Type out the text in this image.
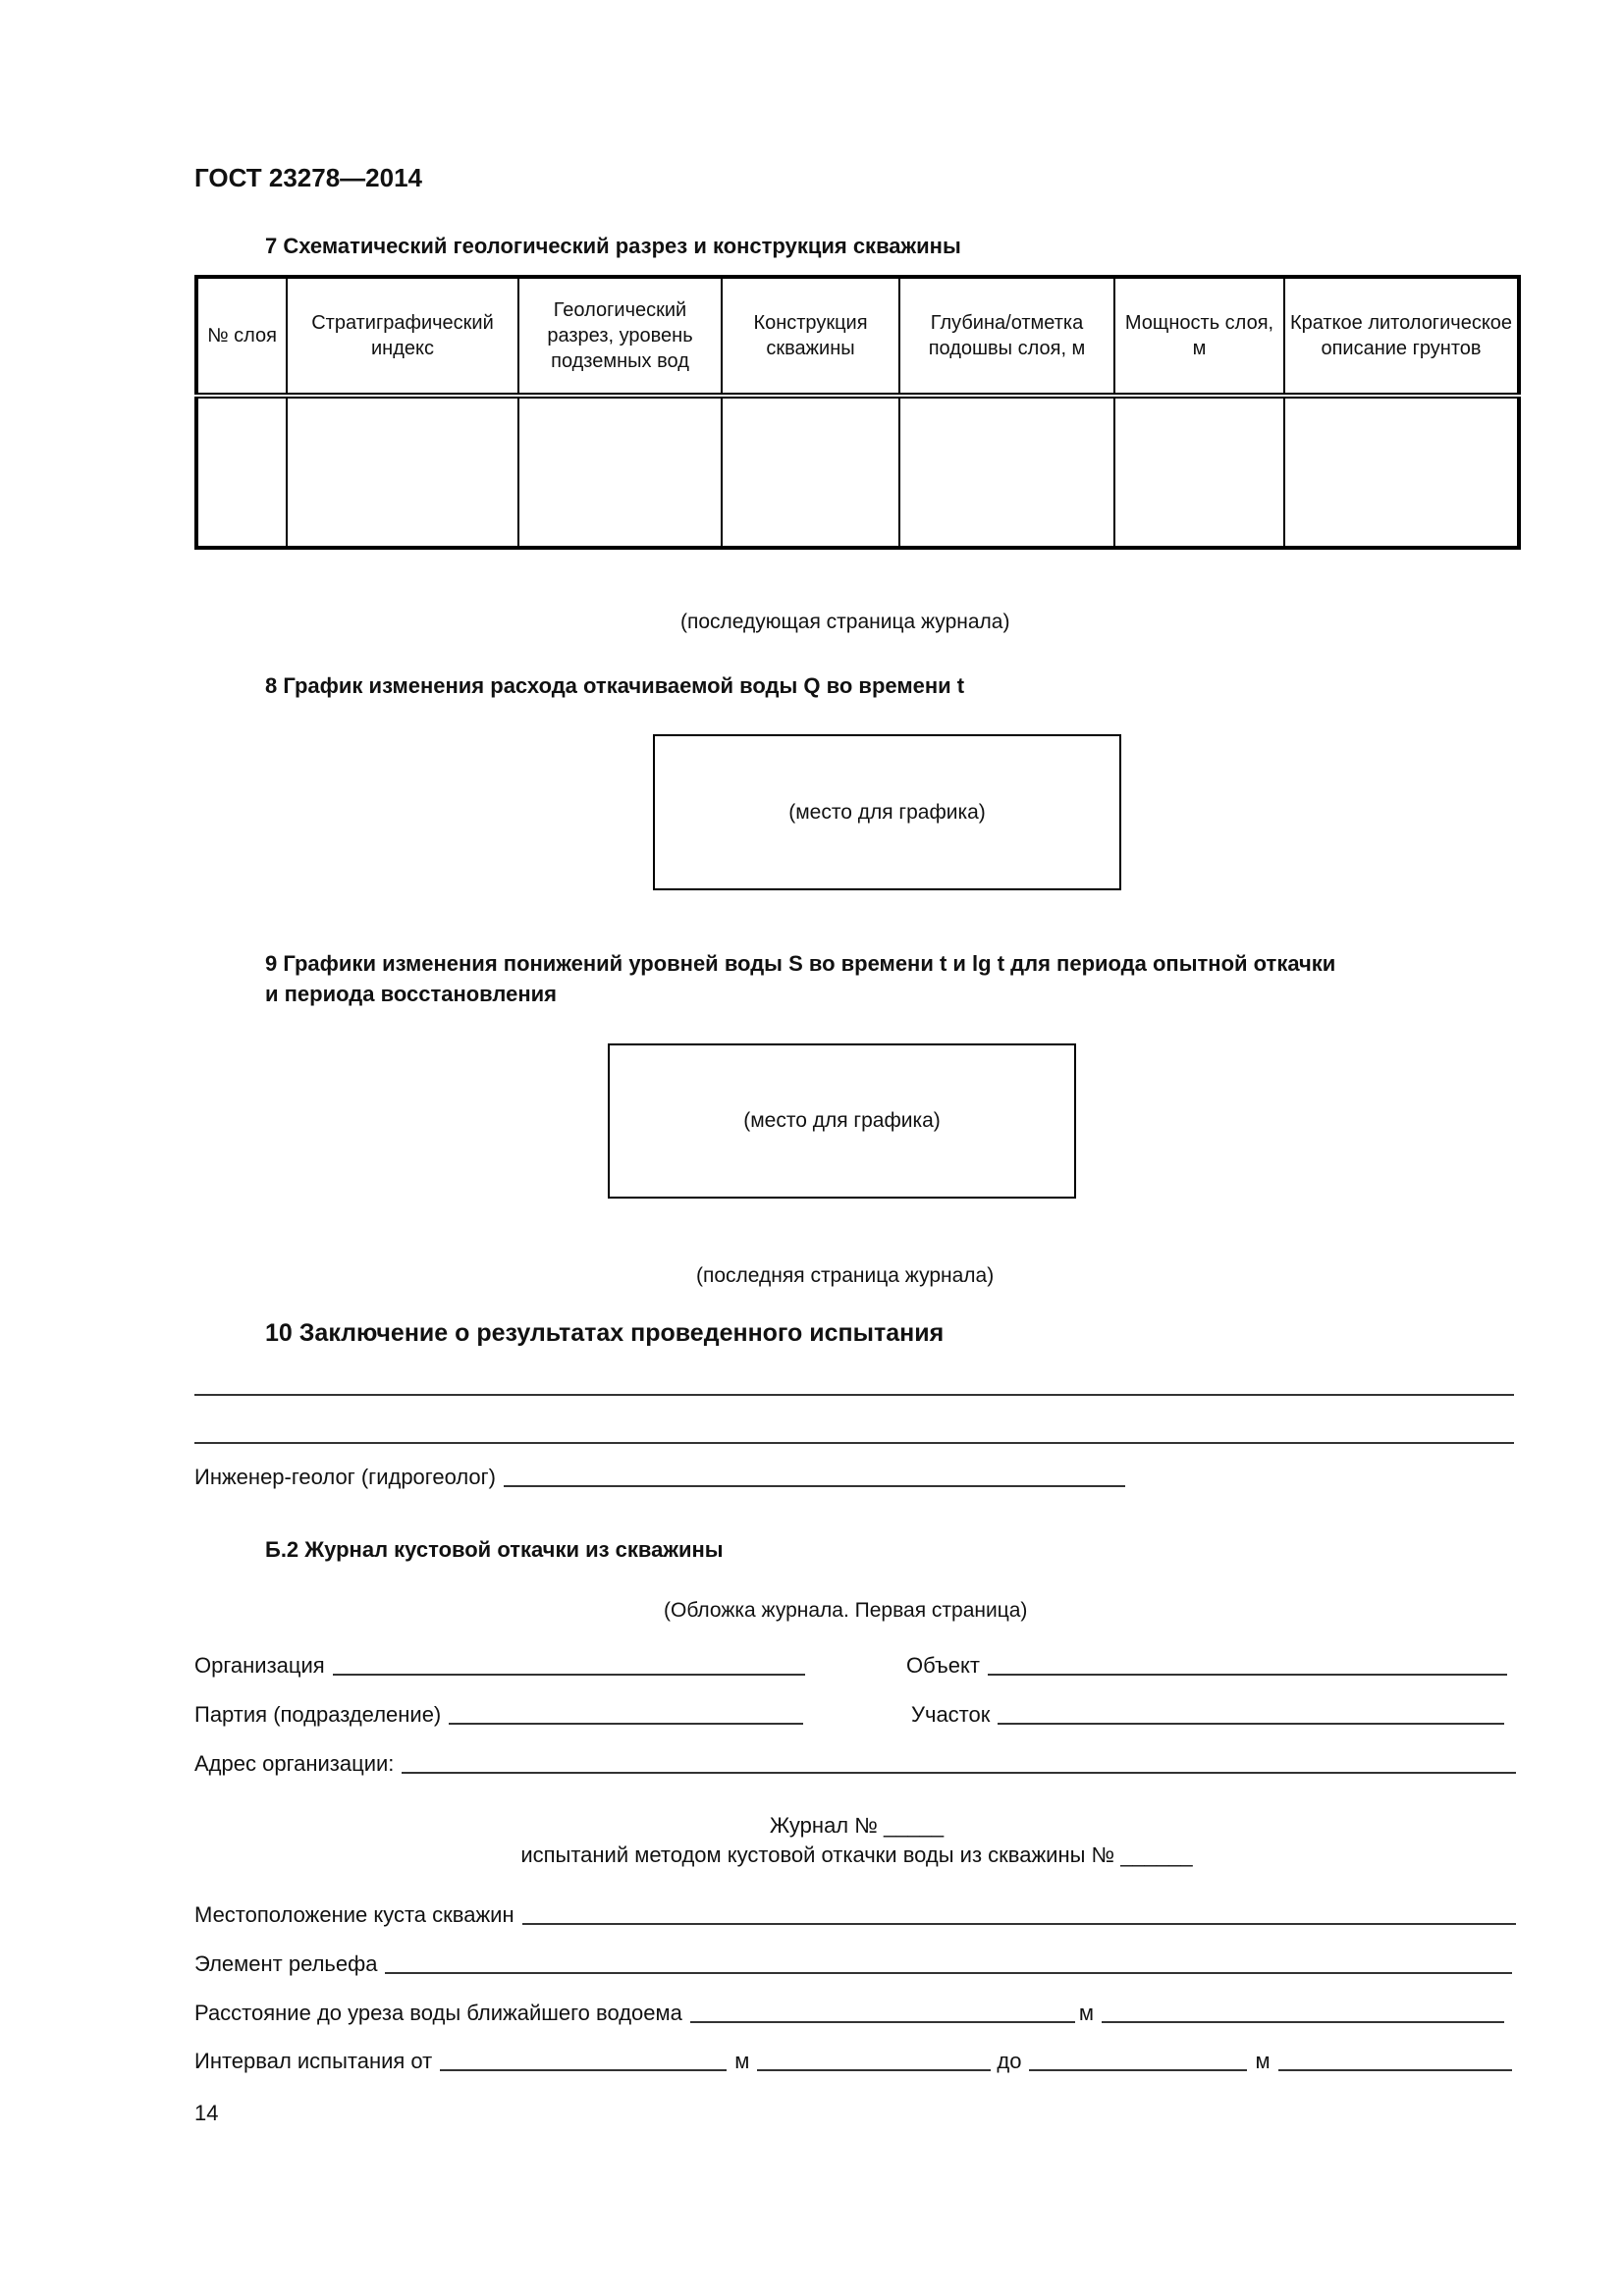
ГОСТ 23278—2014
7 Схематический геологический разрез и конструкция скважины
№ слоя	Стратиграфический индекс	Геологический разрез, уровень подземных вод	Конструкция скважины	Глубина/отметка подошвы слоя, м	Мощность слоя, м	Краткое литологическое описание грунтов

(последующая страница журнала)
8 График изменения расхода откачиваемой воды Q во времени t
(место для графика)
9 Графики изменения понижений уровней воды S во времени t и lg t для периода опытной откачки
и периода восстановления
(место для графика)
(последняя страница журнала)
10 Заключение о результатах проведенного испытания
Инженер-геолог (гидрогеолог)
Б.2 Журнал кустовой откачки из скважины
(Обложка журнала. Первая страница)
Организация	Объект
Партия (подразделение)	Участок
Адрес организации:
Журнал № _____
испытаний методом кустовой откачки воды из скважины № ______
Местоположение куста скважин
Элемент рельефа
Расстояние до уреза воды ближайшего водоема	м
Интервал испытания от	м	до	м
14
